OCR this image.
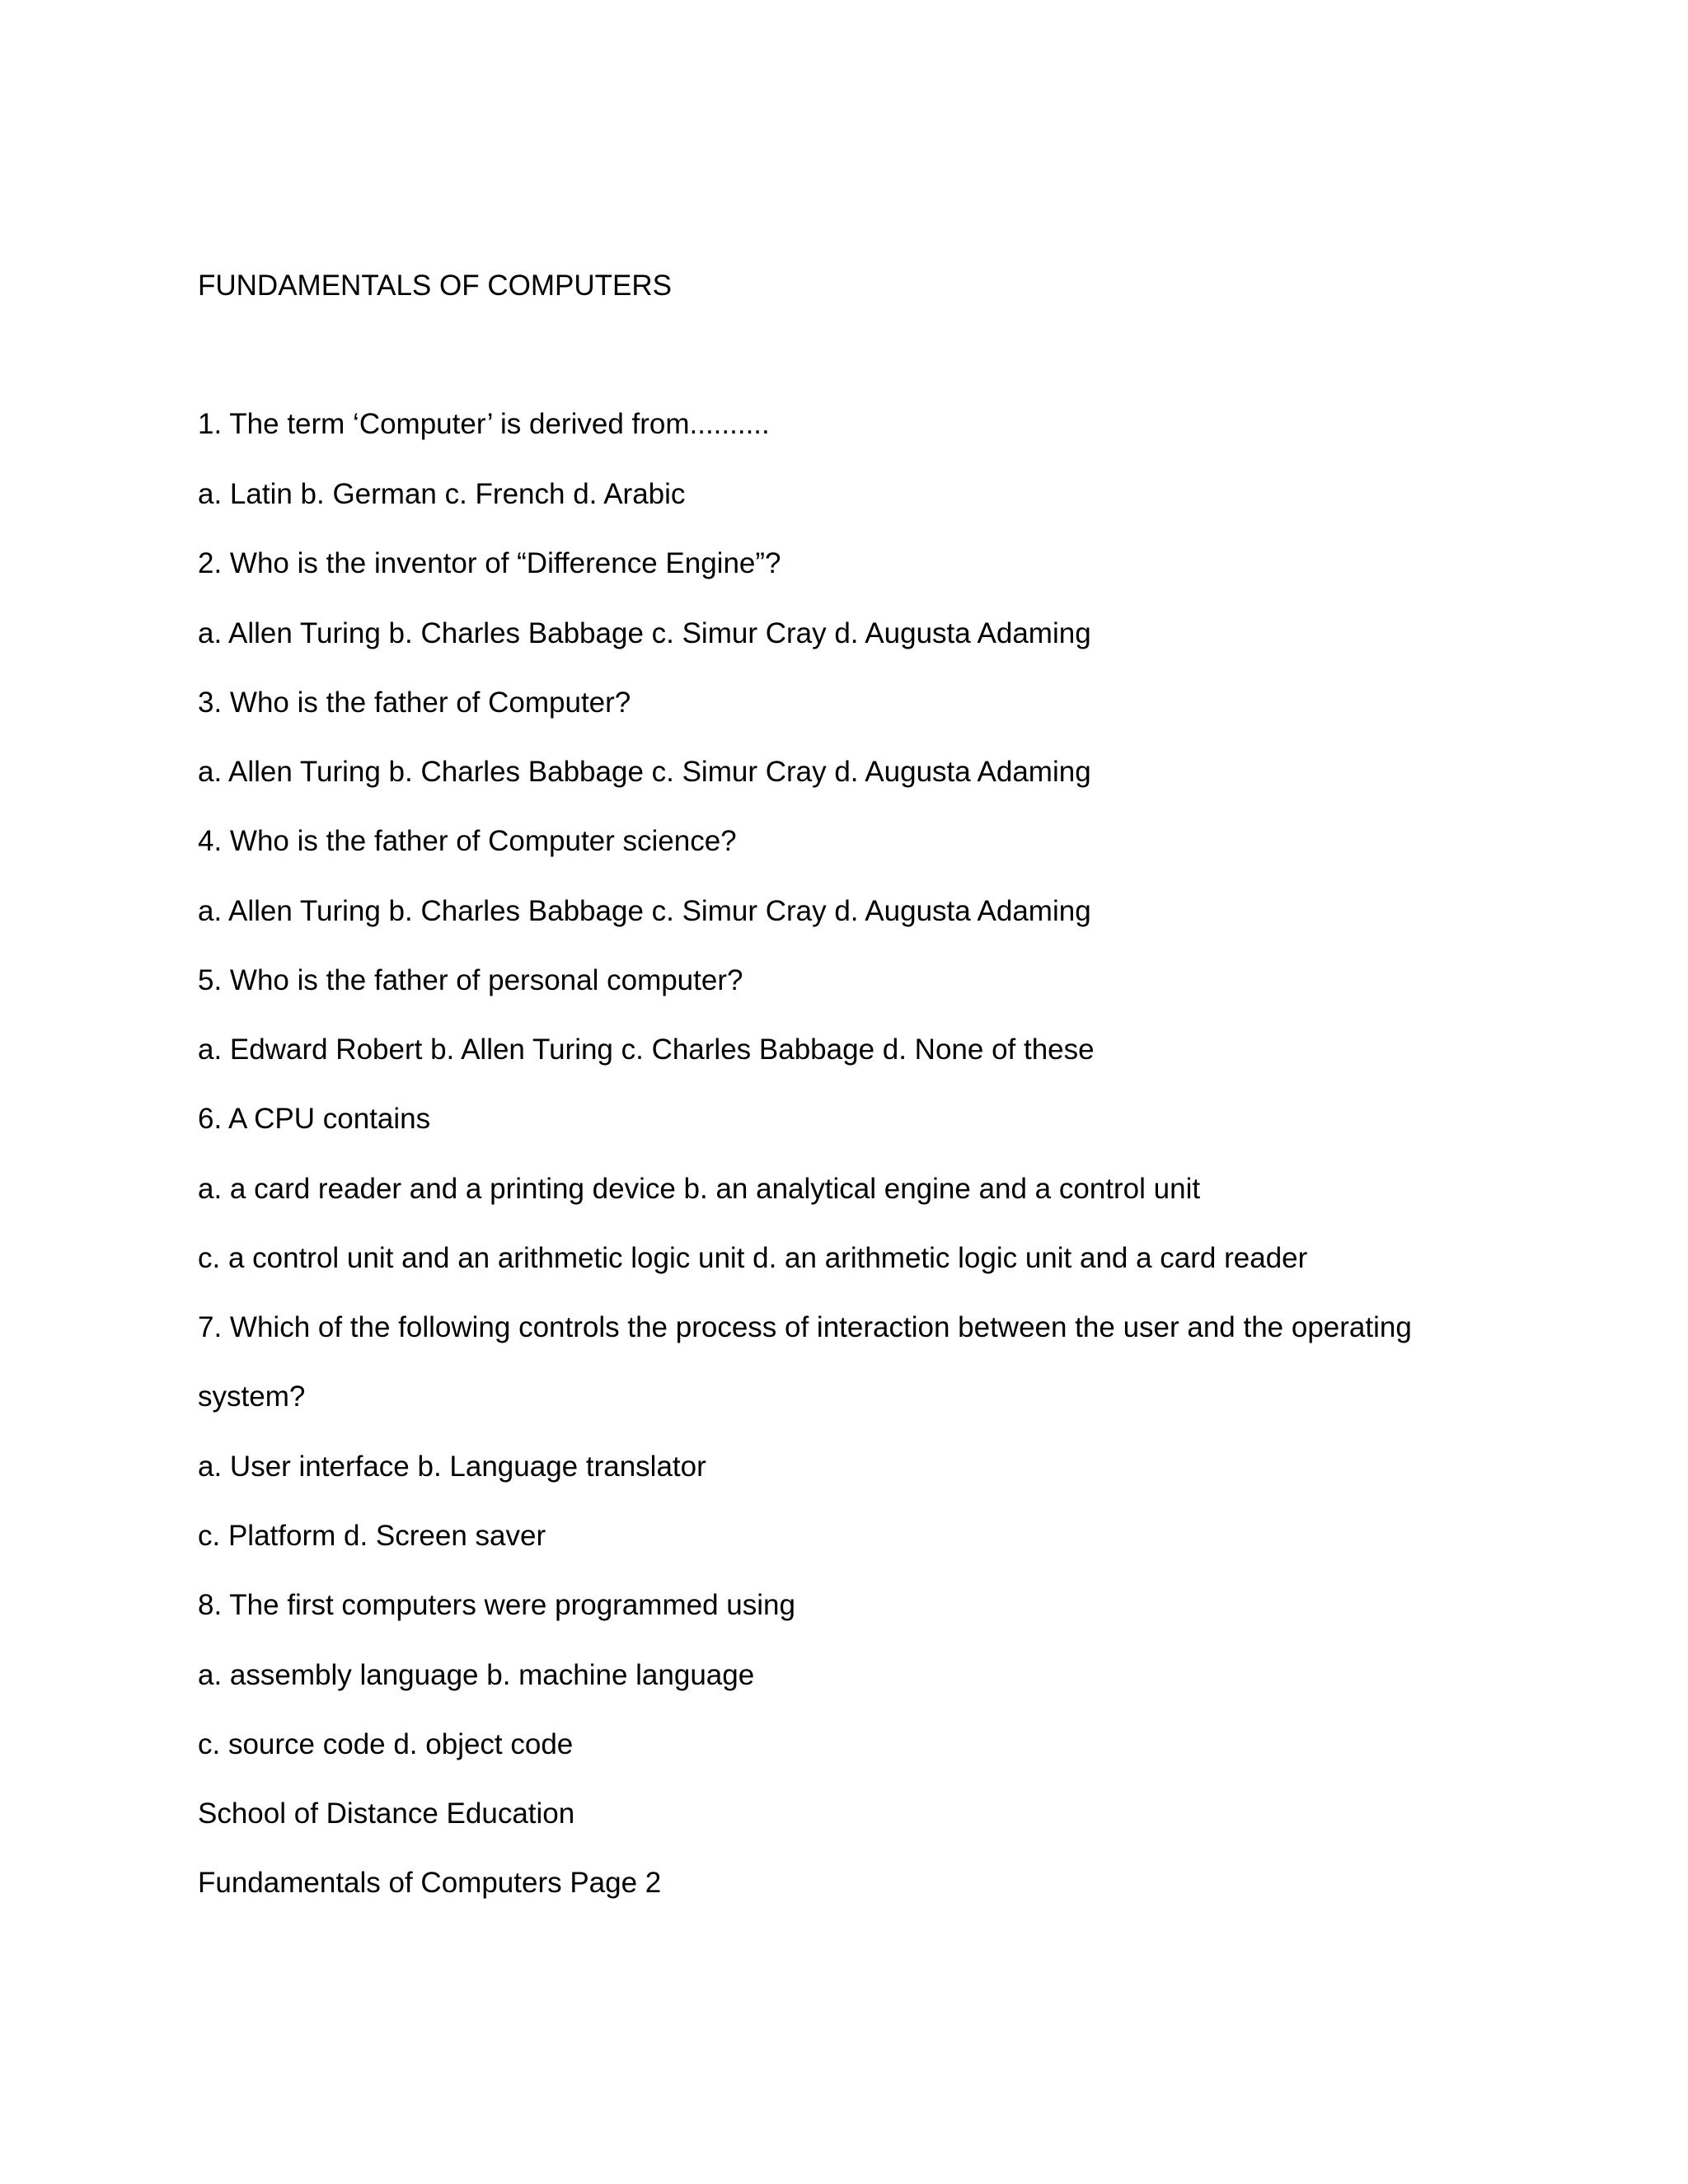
FUNDAMENTALS OF COMPUTERS

1. The term ‘Computer’ is derived from..........

a. Latin b. German c. French d. Arabic

2. Who is the inventor of “Difference Engine”?

a. Allen Turing b. Charles Babbage c. Simur Cray d. Augusta Adaming

3. Who is the father of Computer?

a. Allen Turing b. Charles Babbage c. Simur Cray d. Augusta Adaming

4. Who is the father of Computer science?

a. Allen Turing b. Charles Babbage c. Simur Cray d. Augusta Adaming

5. Who is the father of personal computer?

a. Edward Robert b. Allen Turing c. Charles Babbage d. None of these

6. A CPU contains

a. a card reader and a printing device b. an analytical engine and a control unit

c. a control unit and an arithmetic logic unit d. an arithmetic logic unit and a card reader

7. Which of the following controls the process of interaction between the user and the operating

system?

a. User interface b. Language translator

c. Platform d. Screen saver

8. The first computers were programmed using

a. assembly language b. machine language

c. source code d. object code

School of Distance Education

Fundamentals of Computers Page 2
